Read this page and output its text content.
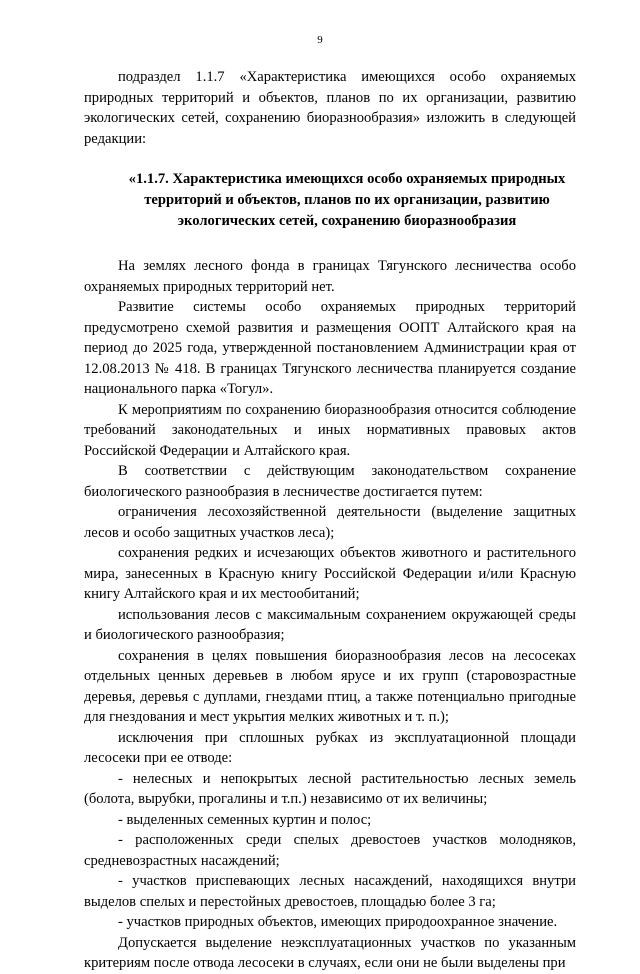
9

подраздел 1.1.7 «Характеристика имеющихся особо охраняемых природных территорий и объектов, планов по их организации, развитию экологических сетей, сохранению биоразнообразия» изложить в следующей редакции:

«1.1.7. Характеристика имеющихся особо охраняемых природных территорий и объектов, планов по их организации, развитию экологических сетей, сохранению биоразнообразия

На землях лесного фонда в границах Тягунского лесничества особо охраняемых природных территорий нет.

Развитие системы особо охраняемых природных территорий предусмотрено схемой развития и размещения ООПТ Алтайского края на период до 2025 года, утвержденной постановлением Администрации края от 12.08.2013 № 418. В границах Тягунского лесничества планируется создание национального парка «Тогул».

К мероприятиям по сохранению биоразнообразия относится соблюдение требований законодательных и иных нормативных правовых актов Российской Федерации и Алтайского края.

В соответствии с действующим законодательством сохранение биологического разнообразия в лесничестве достигается путем:

ограничения лесохозяйственной деятельности (выделение защитных лесов и особо защитных участков леса);

сохранения редких и исчезающих объектов животного и растительного мира, занесенных в Красную книгу Российской Федерации и/или Красную книгу Алтайского края и их местообитаний;

использования лесов с максимальным сохранением окружающей среды и биологического разнообразия;

сохранения в целях повышения биоразнообразия лесов на лесосеках отдельных ценных деревьев в любом ярусе и их групп (старовозрастные деревья, деревья с дуплами, гнездами птиц, а также потенциально пригодные для гнездования и мест укрытия мелких животных и т. п.);

исключения при сплошных рубках из эксплуатационной площади лесосеки при ее отводе:

- нелесных и непокрытых лесной растительностью лесных земель (болота, вырубки, прогалины и т.п.) независимо от их величины;

- выделенных семенных куртин и полос;

- расположенных среди спелых древостоев участков молодняков, средневозрастных насаждений;

- участков приспевающих лесных насаждений, находящихся внутри выделов спелых и перестойных древостоев, площадью более 3 га;

- участков природных объектов, имеющих природоохранное значение.

Допускается выделение неэксплуатационных участков по указанным критериям после отвода лесосеки в случаях, если они не были выделены при
